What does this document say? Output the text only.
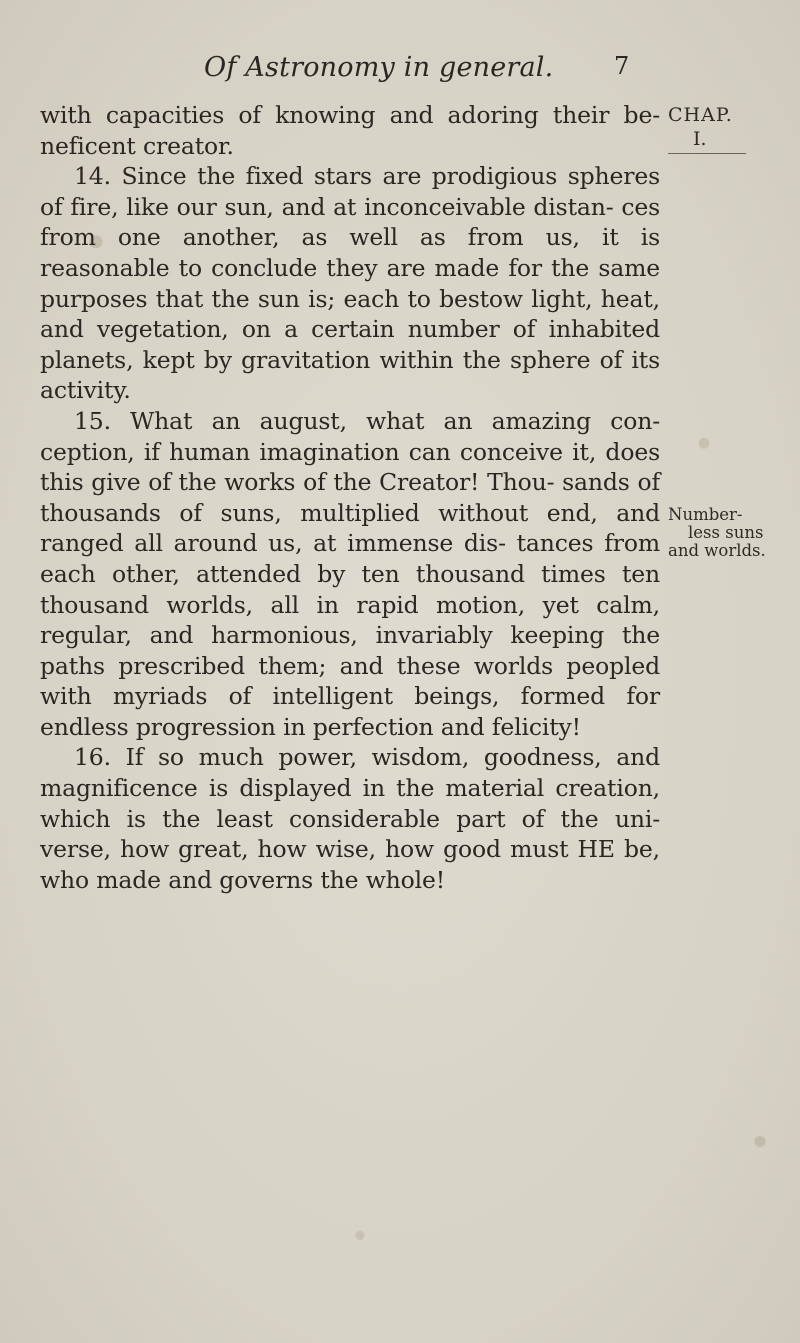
Of Astronomy in general.	7
CHAP.
I.
Number-
less suns
and worlds.

with capacities of knowing and adoring their be- neficent creator.

14. Since the fixed stars are prodigious spheres of fire, like our sun, and at inconceivable distan- ces from one another, as well as from us, it is reasonable to conclude they are made for the same purposes that the sun is; each to bestow light, heat, and vegetation, on a certain number of inhabited planets, kept by gravitation within the sphere of its activity.

15. What an august, what an amazing con- ception, if human imagination can conceive it, does this give of the works of the Creator! Thou- sands of thousands of suns, multiplied without end, and ranged all around us, at immense dis- tances from each other, attended by ten thousand times ten thousand worlds, all in rapid motion, yet calm, regular, and harmonious, invariably keeping the paths prescribed them; and these worlds peopled with myriads of intelligent beings, formed for endless progression in perfection and felicity!

16. If so much power, wisdom, goodness, and magnificence is displayed in the material creation, which is the least considerable part of the uni- verse, how great, how wise, how good must HE be, who made and governs the whole!
